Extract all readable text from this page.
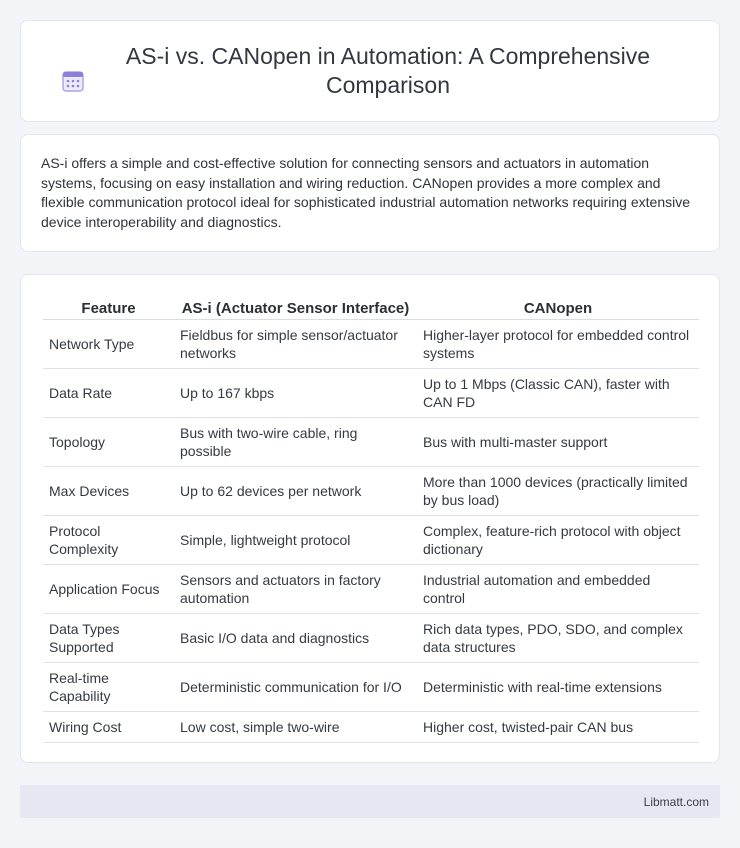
AS-i vs. CANopen in Automation: A Comprehensive Comparison

AS-i offers a simple and cost-effective solution for connecting sensors and actuators in automation systems, focusing on easy installation and wiring reduction. CANopen provides a more complex and flexible communication protocol ideal for sophisticated industrial automation networks requiring extensive device interoperability and diagnostics.

Feature	AS-i (Actuator Sensor Interface)	CANopen
Network Type	Fieldbus for simple sensor/actuator networks	Higher-layer protocol for embedded control systems
Data Rate	Up to 167 kbps	Up to 1 Mbps (Classic CAN), faster with CAN FD
Topology	Bus with two-wire cable, ring possible	Bus with multi-master support
Max Devices	Up to 62 devices per network	More than 1000 devices (practically limited by bus load)
Protocol Complexity	Simple, lightweight protocol	Complex, feature-rich protocol with object dictionary
Application Focus	Sensors and actuators in factory automation	Industrial automation and embedded control
Data Types Supported	Basic I/O data and diagnostics	Rich data types, PDO, SDO, and complex data structures
Real-time Capability	Deterministic communication for I/O	Deterministic with real-time extensions
Wiring Cost	Low cost, simple two-wire	Higher cost, twisted-pair CAN bus
Libmatt.com
